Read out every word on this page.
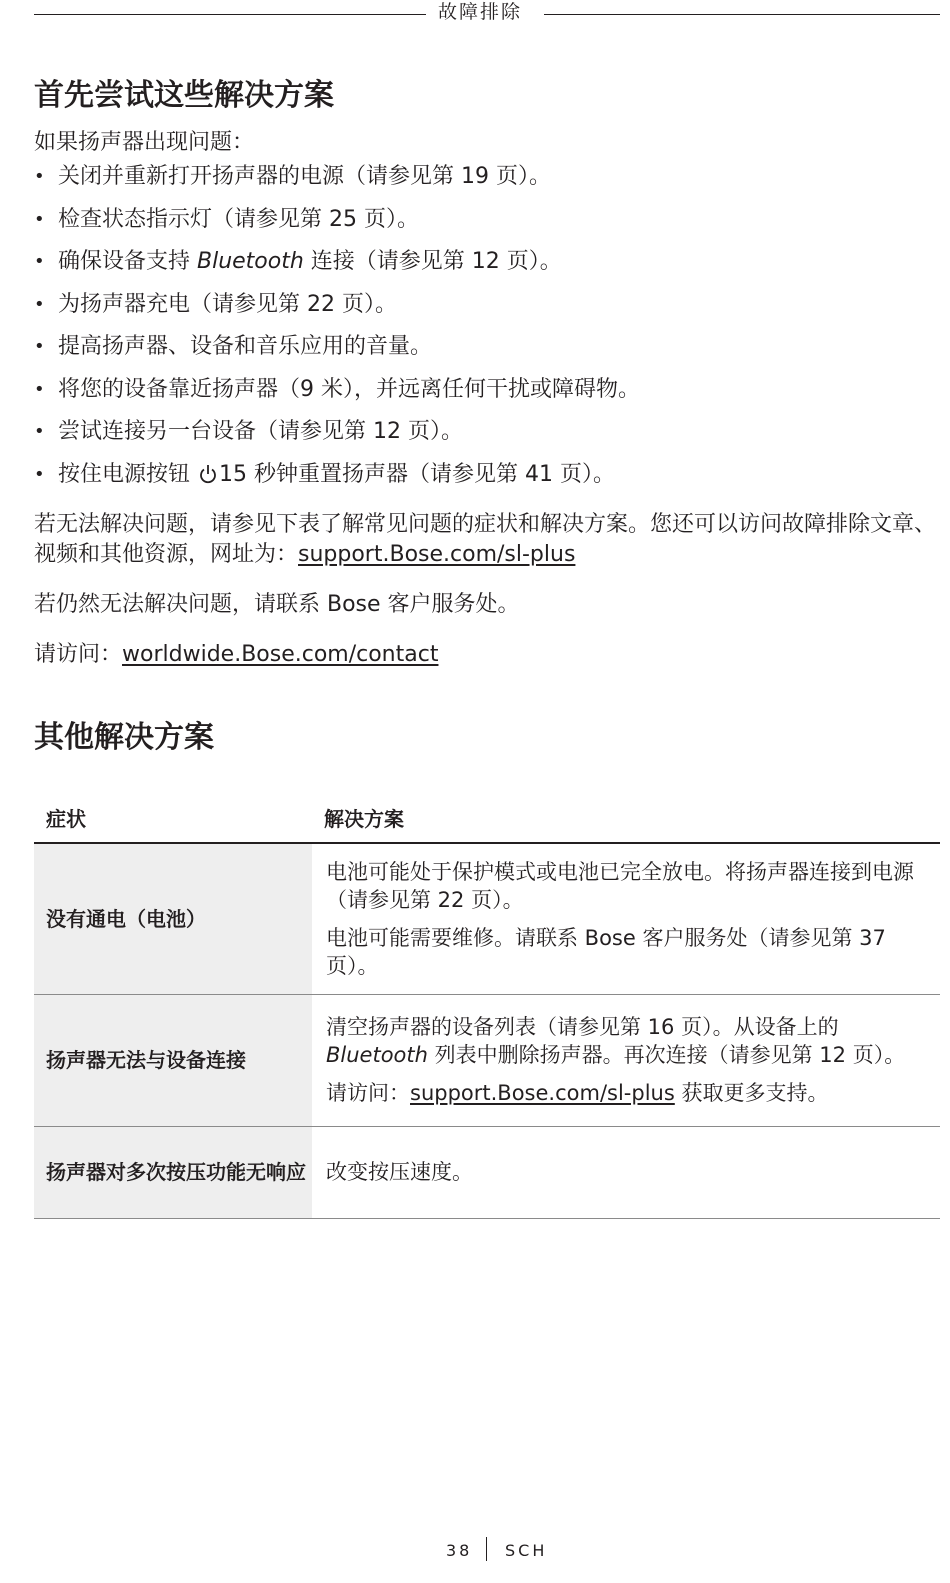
故障排除
首先尝试这些解决方案
如果扬声器出现问题：
• 关闭并重新打开扬声器的电源（请参见第 19 页）。
• 检查状态指示灯（请参见第 25 页）。
• 确保设备支持 Bluetooth 连接（请参见第 12 页）。
• 为扬声器充电（请参见第 22 页）。
• 提高扬声器、设备和音乐应用的音量。
• 将您的设备靠近扬声器（9 米），并远离任何干扰或障碍物。
• 尝试连接另一台设备（请参见第 12 页）。
• 按住电源按钮 15 秒钟重置扬声器（请参见第 41 页）。
若无法解决问题，请参见下表了解常见问题的症状和解决方案。您还可以访问故障排除文章、视频和其他资源，网址为：support.Bose.com/sl-plus
若仍然无法解决问题，请联系 Bose 客户服务处。
请访问：worldwide.Bose.com/contact
其他解决方案
症状	解决方案
没有通电（电池）	电池可能处于保护模式或电池已完全放电。将扬声器连接到电源（请参见第 22 页）。

电池可能需要维修。请联系 Bose 客户服务处（请参见第 37 页）。

扬声器无法与设备连接	清空扬声器的设备列表（请参见第 16 页）。从设备上的 Bluetooth 列表中删除扬声器。再次连接（请参见第 12 页）。

请访问：support.Bose.com/sl-plus 获取更多支持。

扬声器对多次按压功能无响应	改变按压速度。

38 SCH
